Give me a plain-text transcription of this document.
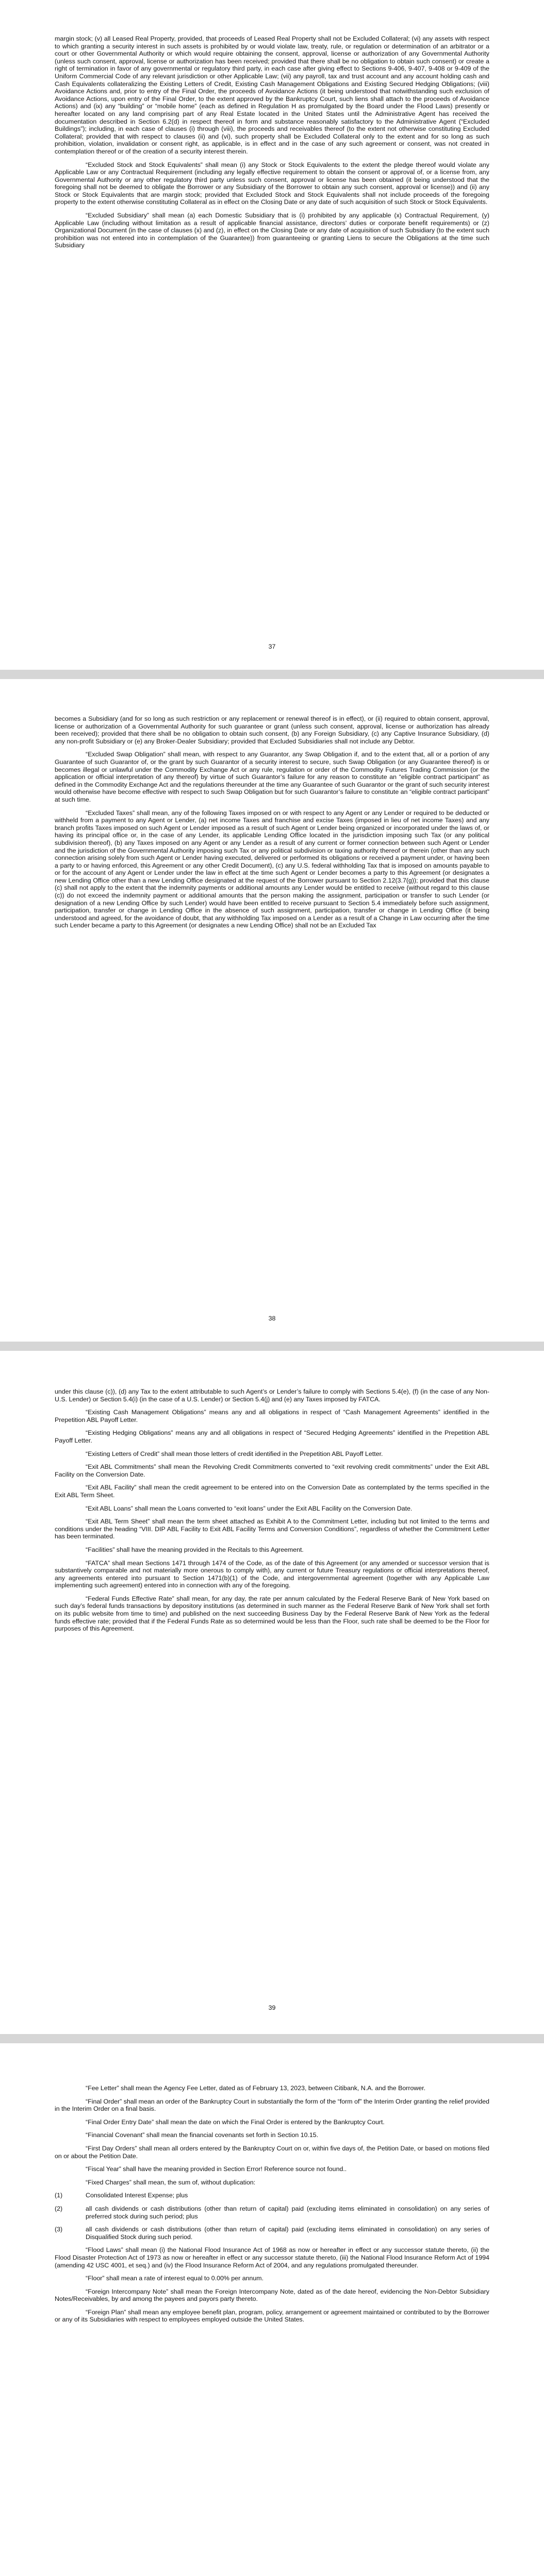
margin stock; (v) all Leased Real Property, provided, that proceeds of Leased Real Property shall not be Excluded Collateral; (vi) any assets with respect to which granting a security interest in such assets is prohibited by or would violate law, treaty, rule, or regulation or determination of an arbitrator or a court or other Governmental Authority or which would require obtaining the consent, approval, license or authorization of any Governmental Authority (unless such consent, approval, license or authorization has been received; provided that there shall be no obligation to obtain such consent) or create a right of termination in favor of any governmental or regulatory third party, in each case after giving effect to Sections 9-406, 9-407, 9-408 or 9-409 of the Uniform Commercial Code of any relevant jurisdiction or other Applicable Law; (vii) any payroll, tax and trust account and any account holding cash and Cash Equivalents collateralizing the Existing Letters of Credit, Existing Cash Management Obligations and Existing Secured Hedging Obligations; (viii) Avoidance Actions and, prior to entry of the Final Order, the proceeds of Avoidance Actions (it being understood that notwithstanding such exclusion of Avoidance Actions, upon entry of the Final Order, to the extent approved by the Bankruptcy Court, such liens shall attach to the proceeds of Avoidance Actions) and (ix) any “building” or “mobile home” (each as defined in Regulation H as promulgated by the Board under the Flood Laws) presently or hereafter located on any land comprising part of any Real Estate located in the United States until the Administrative Agent has received the documentation described in Section 6.2(d) in respect thereof in form and substance reasonably satisfactory to the Administrative Agent (“Excluded Buildings”); including, in each case of clauses (i) through (viii), the proceeds and receivables thereof (to the extent not otherwise constituting Excluded Collateral; provided that with respect to clauses (ii) and (vi), such property shall be Excluded Collateral only to the extent and for so long as such prohibition, violation, invalidation or consent right, as applicable, is in effect and in the case of any such agreement or consent, was not created in contemplation thereof or of the creation of a security interest therein.

“Excluded Stock and Stock Equivalents” shall mean (i) any Stock or Stock Equivalents to the extent the pledge thereof would violate any Applicable Law or any Contractual Requirement (including any legally effective requirement to obtain the consent or approval of, or a license from, any Governmental Authority or any other regulatory third party unless such consent, approval or license has been obtained (it being understood that the foregoing shall not be deemed to obligate the Borrower or any Subsidiary of the Borrower to obtain any such consent, approval or license)) and (ii) any Stock or Stock Equivalents that are margin stock; provided that Excluded Stock and Stock Equivalents shall not include proceeds of the foregoing property to the extent otherwise constituting Collateral as in effect on the Closing Date or any date of such acquisition of such Stock or Stock Equivalents.

“Excluded Subsidiary” shall mean (a) each Domestic Subsidiary that is (i) prohibited by any applicable (x) Contractual Requirement, (y) Applicable Law (including without limitation as a result of applicable financial assistance, directors’ duties or corporate benefit requirements) or (z) Organizational Document (in the case of clauses (x) and (z), in effect on the Closing Date or any date of acquisition of such Subsidiary (to the extent such prohibition was not entered into in contemplation of the Guarantee)) from guaranteeing or granting Liens to secure the Obligations at the time such Subsidiary

37

becomes a Subsidiary (and for so long as such restriction or any replacement or renewal thereof is in effect), or (ii) required to obtain consent, approval, license or authorization of a Governmental Authority for such guarantee or grant (unless such consent, approval, license or authorization has already been received); provided that there shall be no obligation to obtain such consent, (b) any Foreign Subsidiary, (c) any Captive Insurance Subsidiary, (d) any non-profit Subsidiary or (e) any Broker-Dealer Subsidiary; provided that Excluded Subsidiaries shall not include any Debtor.

“Excluded Swap Obligation” shall mean, with respect to any Guarantor, any Swap Obligation if, and to the extent that, all or a portion of any Guarantee of such Guarantor of, or the grant by such Guarantor of a security interest to secure, such Swap Obligation (or any Guarantee thereof) is or becomes illegal or unlawful under the Commodity Exchange Act or any rule, regulation or order of the Commodity Futures Trading Commission (or the application or official interpretation of any thereof) by virtue of such Guarantor’s failure for any reason to constitute an “eligible contract participant” as defined in the Commodity Exchange Act and the regulations thereunder at the time any Guarantee of such Guarantor or the grant of such security interest would otherwise have become effective with respect to such Swap Obligation but for such Guarantor’s failure to constitute an “eligible contract participant” at such time.

“Excluded Taxes” shall mean, any of the following Taxes imposed on or with respect to any Agent or any Lender or required to be deducted or withheld from a payment to any Agent or Lender, (a) net income Taxes and franchise and excise Taxes (imposed in lieu of net income Taxes) and any branch profits Taxes imposed on such Agent or Lender imposed as a result of such Agent or Lender being organized or incorporated under the laws of, or having its principal office or, in the case of any Lender, its applicable Lending Office located in the jurisdiction imposing such Tax (or any political subdivision thereof), (b) any Taxes imposed on any Agent or any Lender as a result of any current or former connection between such Agent or Lender and the jurisdiction of the Governmental Authority imposing such Tax or any political subdivision or taxing authority thereof or therein (other than any such connection arising solely from such Agent or Lender having executed, delivered or performed its obligations or received a payment under, or having been a party to or having enforced, this Agreement or any other Credit Document), (c) any U.S. federal withholding Tax that is imposed on amounts payable to or for the account of any Agent or Lender under the law in effect at the time such Agent or Lender becomes a party to this Agreement (or designates a new Lending Office other than a new Lending Office designated at the request of the Borrower pursuant to Section 2.12(3.7(g)); provided that this clause (c) shall not apply to the extent that the indemnity payments or additional amounts any Lender would be entitled to receive (without regard to this clause (c)) do not exceed the indemnity payment or additional amounts that the person making the assignment, participation or transfer to such Lender (or designation of a new Lending Office by such Lender) would have been entitled to receive pursuant to Section 5.4 immediately before such assignment, participation, transfer or change in Lending Office in the absence of such assignment, participation, transfer or change in Lending Office (it being understood and agreed, for the avoidance of doubt, that any withholding Tax imposed on a Lender as a result of a Change in Law occurring after the time such Lender became a party to this Agreement (or designates a new Lending Office) shall not be an Excluded Tax

38

under this clause (c)), (d) any Tax to the extent attributable to such Agent’s or Lender’s failure to comply with Sections 5.4(e), (f) (in the case of any Non-U.S. Lender) or Section 5.4(i) (in the case of a U.S. Lender) or Section 5.4(j) and (e) any Taxes imposed by FATCA.

“Existing Cash Management Obligations” means any and all obligations in respect of “Cash Management Agreements” identified in the Prepetition ABL Payoff Letter.

“Existing Hedging Obligations” means any and all obligations in respect of “Secured Hedging Agreements” identified in the Prepetition ABL Payoff Letter.

“Existing Letters of Credit” shall mean those letters of credit identified in the Prepetition ABL Payoff Letter.

“Exit ABL Commitments” shall mean the Revolving Credit Commitments converted to “exit revolving credit commitments” under the Exit ABL Facility on the Conversion Date.

“Exit ABL Facility” shall mean the credit agreement to be entered into on the Conversion Date as contemplated by the terms specified in the Exit ABL Term Sheet.

“Exit ABL Loans” shall mean the Loans converted to “exit loans” under the Exit ABL Facility on the Conversion Date.

“Exit ABL Term Sheet” shall mean the term sheet attached as Exhibit A to the Commitment Letter, including but not limited to the terms and conditions under the heading “VIII. DIP ABL Facility to Exit ABL Facility Terms and Conversion Conditions”, regardless of whether the Commitment Letter has been terminated.

“Facilities” shall have the meaning provided in the Recitals to this Agreement.

“FATCA” shall mean Sections 1471 through 1474 of the Code, as of the date of this Agreement (or any amended or successor version that is substantively comparable and not materially more onerous to comply with), any current or future Treasury regulations or official interpretations thereof, any agreements entered into pursuant to Section 1471(b)(1) of the Code, and intergovernmental agreement (together with any Applicable Law implementing such agreement) entered into in connection with any of the foregoing.

“Federal Funds Effective Rate” shall mean, for any day, the rate per annum calculated by the Federal Reserve Bank of New York based on such day’s federal funds transactions by depository institutions (as determined in such manner as the Federal Reserve Bank of New York shall set forth on its public website from time to time) and published on the next succeeding Business Day by the Federal Reserve Bank of New York as the federal funds effective rate; provided that if the Federal Funds Rate as so determined would be less than the Floor, such rate shall be deemed to be the Floor for purposes of this Agreement.

39

“Fee Letter” shall mean the Agency Fee Letter, dated as of February 13, 2023, between Citibank, N.A. and the Borrower.

“Final Order” shall mean an order of the Bankruptcy Court in substantially the form of the “form of” the Interim Order granting the relief provided in the Interim Order on a final basis.

“Final Order Entry Date” shall mean the date on which the Final Order is entered by the Bankruptcy Court.

“Financial Covenant” shall mean the financial covenants set forth in Section 10.15.

“First Day Orders” shall mean all orders entered by the Bankruptcy Court on or, within five days of, the Petition Date, or based on motions filed on or about the Petition Date.

“Fiscal Year” shall have the meaning provided in Section Error! Reference source not found..

“Fixed Charges” shall mean, the sum of, without duplication:

(1)	Consolidated Interest Expense; plus
(2)	all cash dividends or cash distributions (other than return of capital) paid (excluding items eliminated in consolidation) on any series of preferred stock during such period; plus
(3)	all cash dividends or cash distributions (other than return of capital) paid (excluding items eliminated in consolidation) on any series of Disqualified Stock during such period.

“Flood Laws” shall mean (i) the National Flood Insurance Act of 1968 as now or hereafter in effect or any successor statute thereto, (ii) the Flood Disaster Protection Act of 1973 as now or hereafter in effect or any successor statute thereto, (iii) the National Flood Insurance Reform Act of 1994 (amending 42 USC 4001, et seq.) and (iv) the Flood Insurance Reform Act of 2004, and any regulations promulgated thereunder.

“Floor” shall mean a rate of interest equal to 0.00% per annum.

“Foreign Intercompany Note” shall mean the Foreign Intercompany Note, dated as of the date hereof, evidencing the Non-Debtor Subsidiary Notes/Receivables, by and among the payees and payors party thereto.

“Foreign Plan” shall mean any employee benefit plan, program, policy, arrangement or agreement maintained or contributed to by the Borrower or any of its Subsidiaries with respect to employees employed outside the United States.
